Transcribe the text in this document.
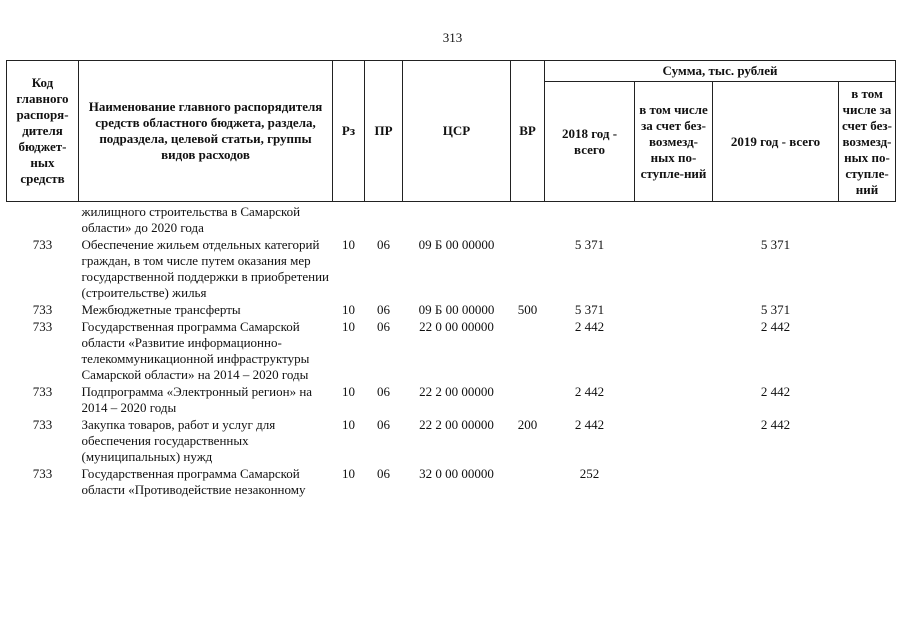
313
Код главного распоря-дителя бюджет-ных средств	Наименование главного распорядителя средств областного бюджета, раздела, подраздела, целевой статьи, группы видов расходов	Рз	ПР	ЦСР	ВР	Сумма, тыс. рублей			
						2018 год - всего	в том числе за счет без-возмезд-ных по-ступле-ний	2019 год - всего	в том числе за счет без-возмезд-ных по-ступле-ний
	жилищного строительства в Самарской области» до 2020 года								
733	Обеспечение жильем отдельных категорий граждан, в том числе путем оказания мер государственной поддержки в приобретении (строительстве) жилья	10	06	09 Б 00 00000		5 371		5 371	
733	Межбюджетные трансферты	10	06	09 Б 00 00000	500	5 371		5 371	
733	Государственная программа Самарской области «Развитие информационно-телекоммуникационной инфраструктуры Самарской области» на 2014 – 2020 годы	10	06	22 0 00 00000		2 442		2 442	
733	Подпрограмма «Электронный регион» на 2014 – 2020 годы	10	06	22 2 00 00000		2 442		2 442	
733	Закупка товаров, работ и услуг для обеспечения государственных (муниципальных) нужд	10	06	22 2 00 00000	200	2 442		2 442	
733	Государственная программа Самарской области «Противодействие незаконному	10	06	32 0 00 00000		252			
